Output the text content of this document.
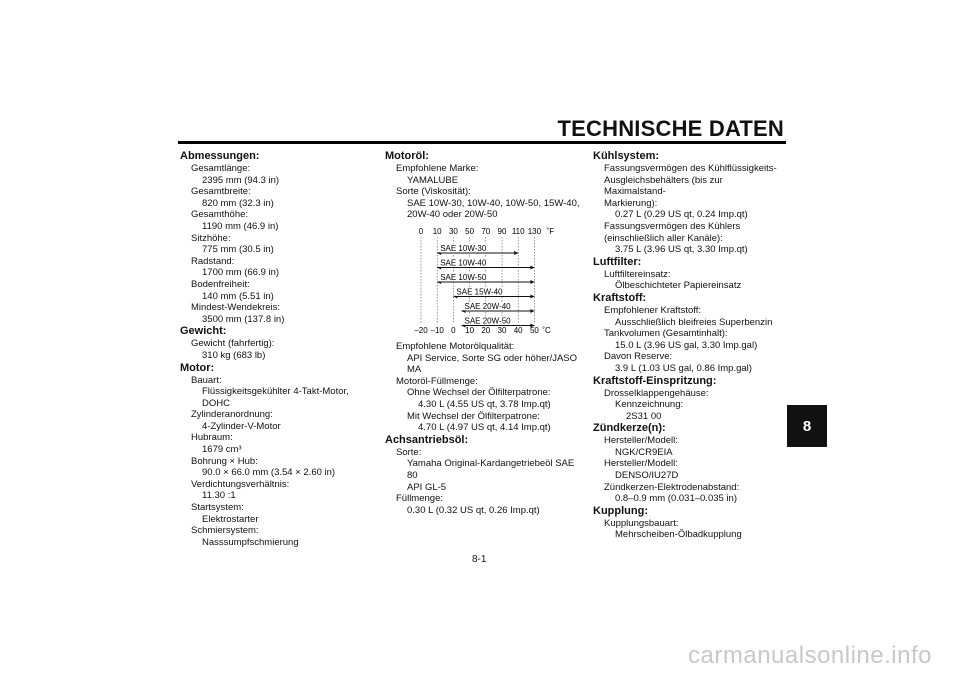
TECHNISCHE DATEN
8
Abmessungen:
Gesamtlänge:
2395 mm (94.3 in)
Gesamtbreite:
820 mm (32.3 in)
Gesamthöhe:
1190 mm (46.9 in)
Sitzhöhe:
775 mm (30.5 in)
Radstand:
1700 mm (66.9 in)
Bodenfreiheit:
140 mm (5.51 in)
Mindest-Wendekreis:
3500 mm (137.8 in)
Gewicht:
Gewicht (fahrfertig):
310 kg (683 lb)
Motor:
Bauart:
Flüssigkeitsgekühlter 4-Takt-Motor, DOHC
Zylinderanordnung:
4-Zylinder-V-Motor
Hubraum:
1679 cm³
Bohrung × Hub:
90.0 × 66.0 mm (3.54 × 2.60 in)
Verdichtungsverhältnis:
11.30 :1
Startsystem:
Elektrostarter
Schmiersystem:
Nasssumpfschmierung
Motoröl:
Empfohlene Marke:
YAMALUBE
Sorte (Viskosität):
SAE 10W-30, 10W-40, 10W-50, 15W-40,
20W-40 oder 20W-50
0 10 30 50 70 90 110 130 ˚F
–20 –10 0 10 20 30 40 50 ˚C
SAE 10W-30
SAE 10W-40
SAE 10W-50
SAE 15W-40
SAE 20W-40
SAE 20W-50
Empfohlene Motorölqualität:
API Service, Sorte SG oder höher/JASO
MA
Motoröl-Füllmenge:
Ohne Wechsel der Ölfilterpatrone:
4.30 L (4.55 US qt, 3.78 Imp.qt)
Mit Wechsel der Ölfilterpatrone:
4.70 L (4.97 US qt, 4.14 Imp.qt)
Achsantriebsöl:
Sorte:
Yamaha Original-Kardangetriebeöl SAE 80
API GL-5
Füllmenge:
0.30 L (0.32 US qt, 0.26 Imp.qt)
Kühlsystem:
Fassungsvermögen des Kühlflüssigkeits-
Ausgleichsbehälters (bis zur Maximalstand-
Markierung):
0.27 L (0.29 US qt, 0.24 Imp.qt)
Fassungsvermögen des Kühlers
(einschließlich aller Kanäle):
3.75 L (3.96 US qt, 3.30 Imp.qt)
Luftfilter:
Luftfiltereinsatz:
Ölbeschichteter Papiereinsatz
Kraftstoff:
Empfohlener Kraftstoff:
Ausschließlich bleifreies Superbenzin
Tankvolumen (Gesamtinhalt):
15.0 L (3.96 US gal, 3.30 Imp.gal)
Davon Reserve:
3.9 L (1.03 US gal, 0.86 Imp.gal)
Kraftstoff-Einspritzung:
Drosselklappengehäuse:
Kennzeichnung:
2S31 00
Zündkerze(n):
Hersteller/Modell:
NGK/CR9EIA
Hersteller/Modell:
DENSO/IU27D
Zündkerzen-Elektrodenabstand:
0.8–0.9 mm (0.031–0.035 in)
Kupplung:
Kupplungsbauart:
Mehrscheiben-Ölbadkupplung
8-1
carmanualsonline.info
